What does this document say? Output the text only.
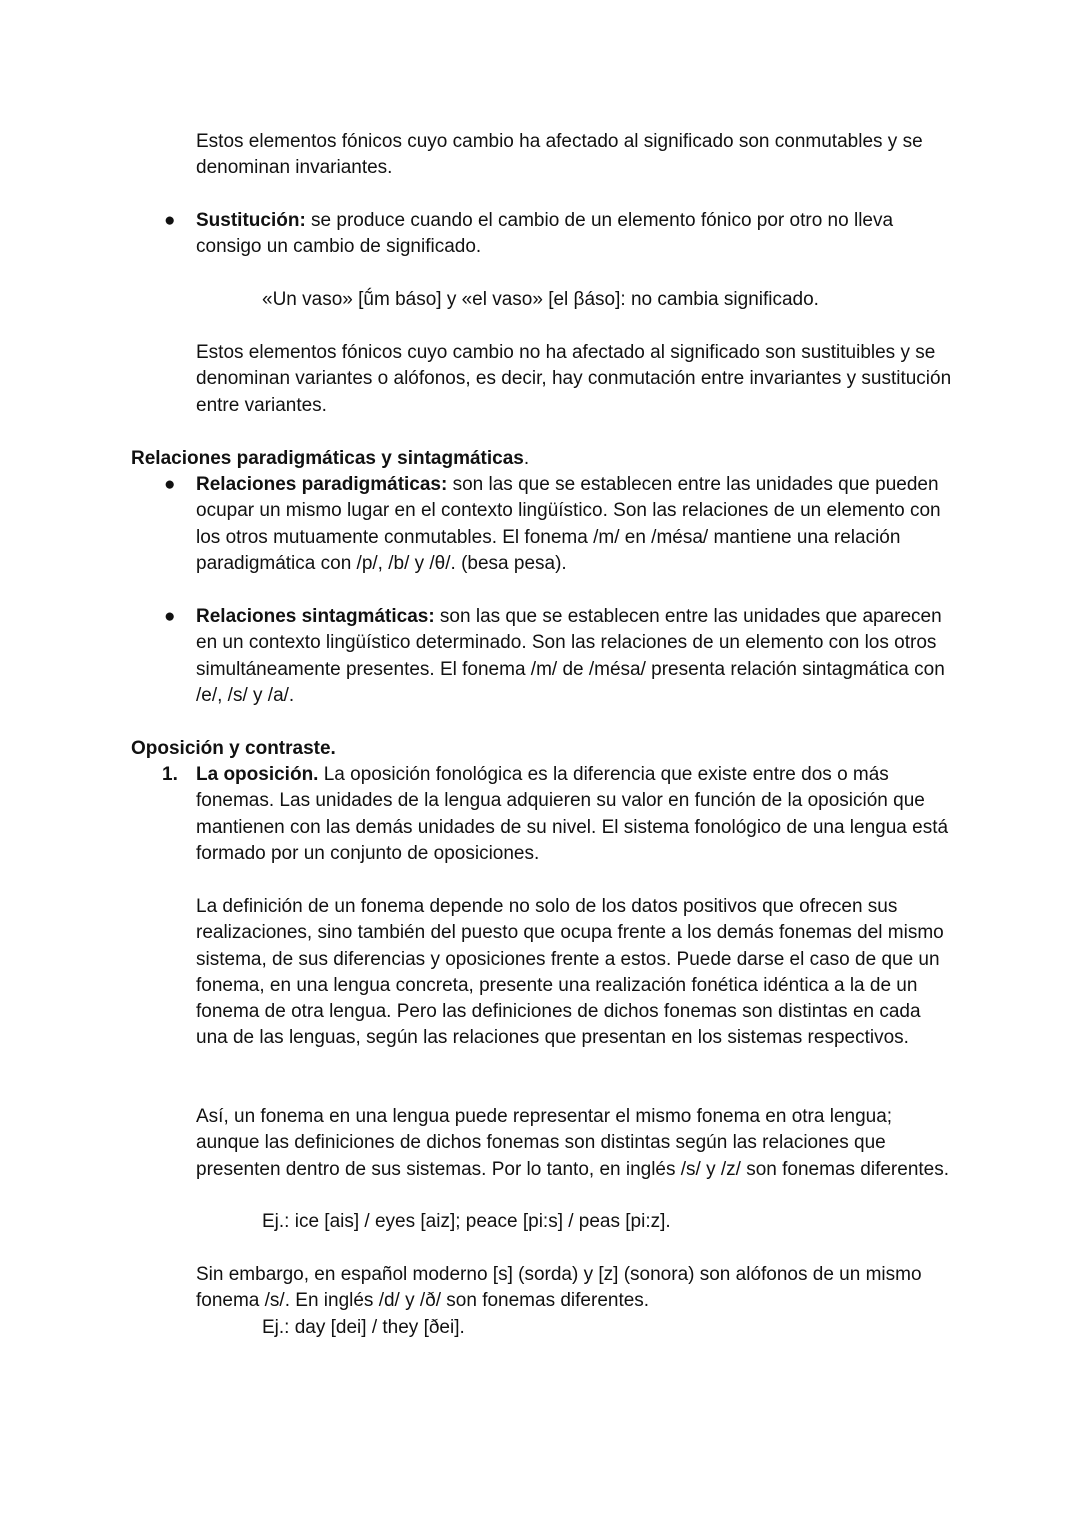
Estos elementos fónicos cuyo cambio ha afectado al significado son conmutables y se denominan invariantes.

● Sustitución: se produce cuando el cambio de un elemento fónico por otro no lleva consigo un cambio de significado.

«Un vaso» [ṹm báso] y «el vaso» [el βáso]: no cambia significado.

Estos elementos fónicos cuyo cambio no ha afectado al significado son sustituibles y se denominan variantes o alófonos, es decir, hay conmutación entre invariantes y sustitución entre variantes.

Relaciones paradigmáticas y sintagmáticas.

● Relaciones paradigmáticas: son las que se establecen entre las unidades que pueden ocupar un mismo lugar en el contexto lingüístico. Son las relaciones de un elemento con los otros mutuamente conmutables. El fonema /m/ en /mésa/ mantiene una relación paradigmática con /p/, /b/ y /θ/. (besa pesa).

● Relaciones sintagmáticas: son las que se establecen entre las unidades que aparecen en un contexto lingüístico determinado. Son las relaciones de un elemento con los otros simultáneamente presentes. El fonema /m/ de /mésa/ presenta relación sintagmática con /e/, /s/ y /a/.

Oposición y contraste.

1. La oposición. La oposición fonológica es la diferencia que existe entre dos o más fonemas. Las unidades de la lengua adquieren su valor en función de la oposición que mantienen con las demás unidades de su nivel. El sistema fonológico de una lengua está formado por un conjunto de oposiciones.

La definición de un fonema depende no solo de los datos positivos que ofrecen sus realizaciones, sino también del puesto que ocupa frente a los demás fonemas del mismo sistema, de sus diferencias y oposiciones frente a estos. Puede darse el caso de que un fonema, en una lengua concreta, presente una realización fonética idéntica a la de un fonema de otra lengua. Pero las definiciones de dichos fonemas son distintas en cada una de las lenguas, según las relaciones que presentan en los sistemas respectivos.

Así, un fonema en una lengua puede representar el mismo fonema en otra lengua; aunque las definiciones de dichos fonemas son distintas según las relaciones que presenten dentro de sus sistemas. Por lo tanto, en inglés /s/ y /z/ son fonemas diferentes.

Ej.: ice [ais] / eyes [aiz]; peace [pi:s] / peas [pi:z].

Sin embargo, en español moderno [s] (sorda) y [z] (sonora) son alófonos de un mismo fonema /s/. En inglés /d/ y /ð/ son fonemas diferentes.

Ej.: day [dei] / they [ðei].
